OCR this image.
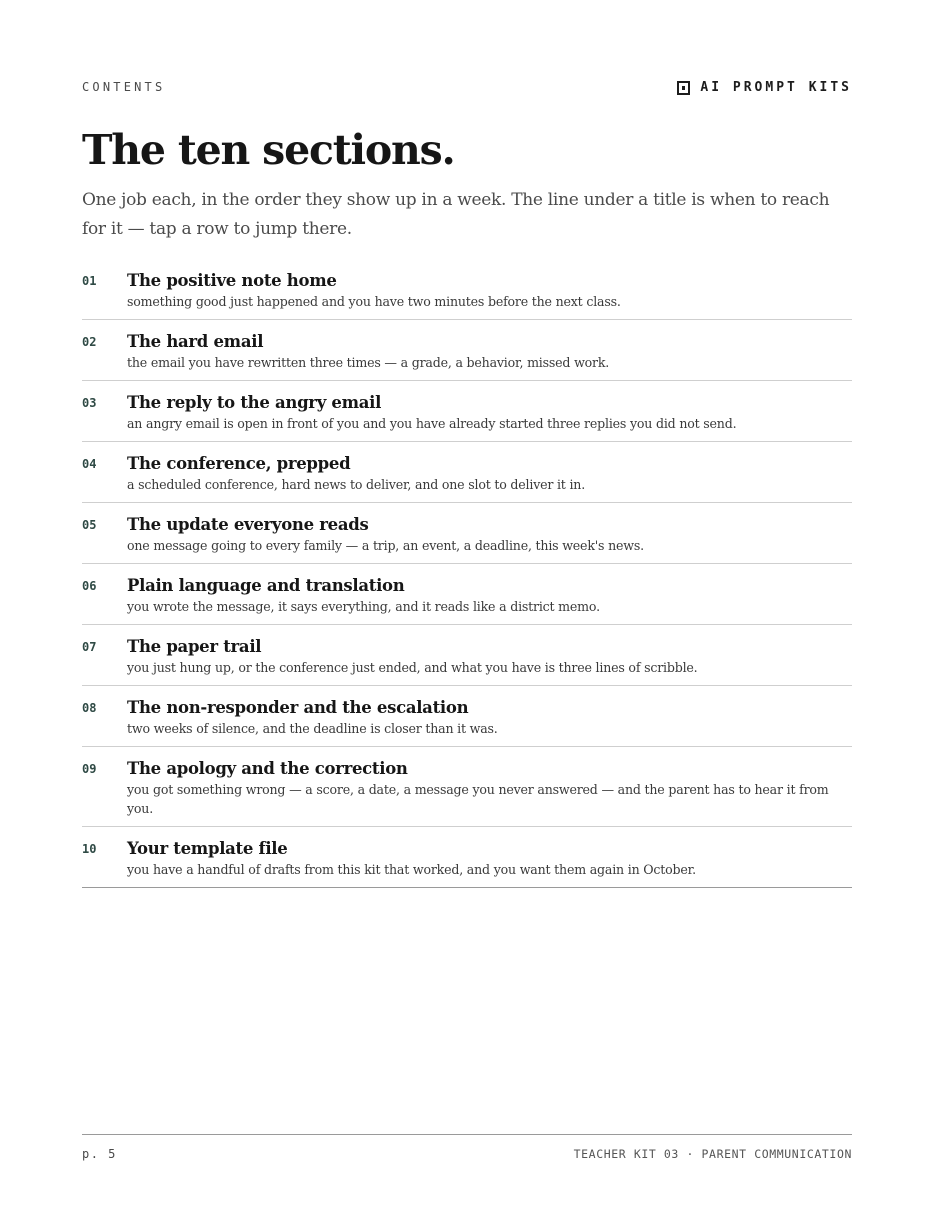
CONTENTS	AI PROMPT KITS
The ten sections.

One job each, in the order they show up in a week. The line under a title is when to reach for it — tap a row to jump there.

01	The positive note home
something good just happened and you have two minutes before the next class.
02	The hard email
the email you have rewritten three times — a grade, a behavior, missed work.
03	The reply to the angry email
an angry email is open in front of you and you have already started three replies you did not send.
04	The conference, prepped
a scheduled conference, hard news to deliver, and one slot to deliver it in.
05	The update everyone reads
one message going to every family — a trip, an event, a deadline, this week's news.
06	Plain language and translation
you wrote the message, it says everything, and it reads like a district memo.
07	The paper trail
you just hung up, or the conference just ended, and what you have is three lines of scribble.
08	The non-responder and the escalation
two weeks of silence, and the deadline is closer than it was.
09	The apology and the correction
you got something wrong — a score, a date, a message you never answered — and the parent has to hear it from you.
10	Your template file
you have a handful of drafts from this kit that worked, and you want them again in October.
p. 5	TEACHER KIT 03 · PARENT COMMUNICATION
